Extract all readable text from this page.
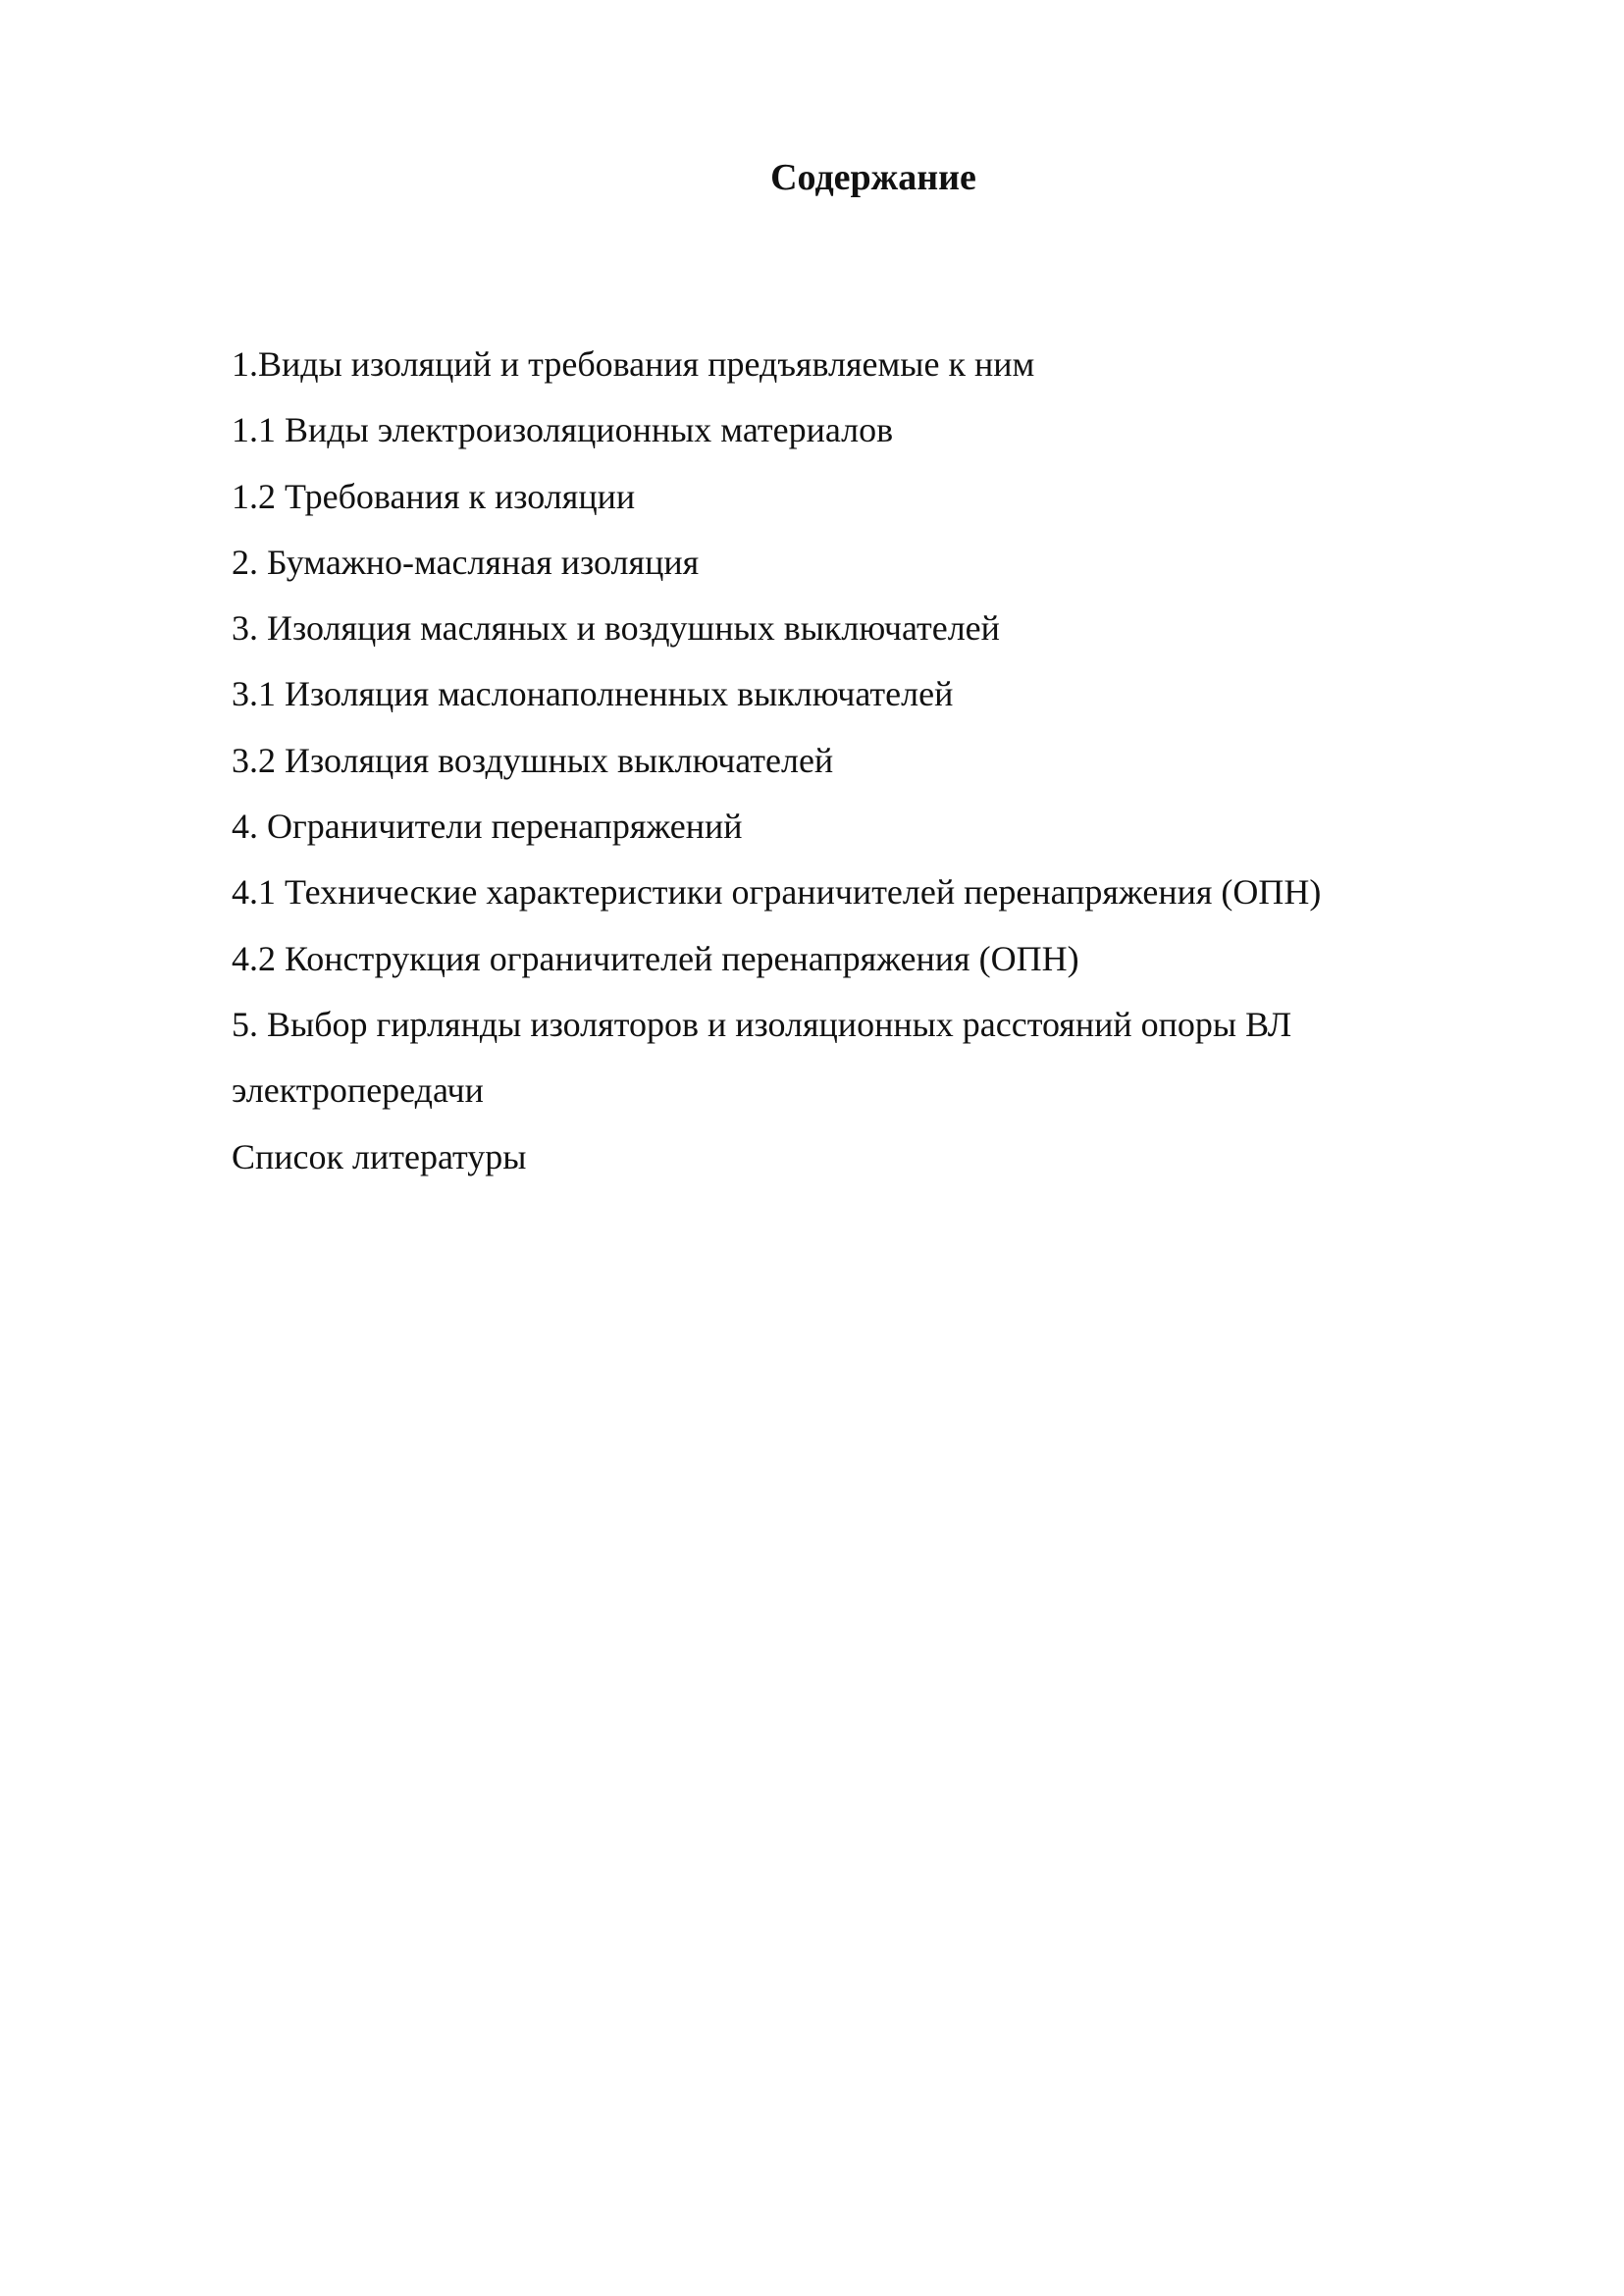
Содержание
1.Виды изоляций и требования предъявляемые к ним
1.1 Виды электроизоляционных материалов
1.2 Требования к изоляции
2. Бумажно-масляная изоляция
3. Изоляция масляных и воздушных выключателей
3.1 Изоляция маслонаполненных выключателей
3.2 Изоляция воздушных выключателей
4. Ограничители перенапряжений
4.1 Технические характеристики ограничителей перенапряжения (ОПН)
4.2 Конструкция ограничителей перенапряжения (ОПН)
5. Выбор гирлянды изоляторов и изоляционных расстояний опоры ВЛ
электропередачи
Список литературы
